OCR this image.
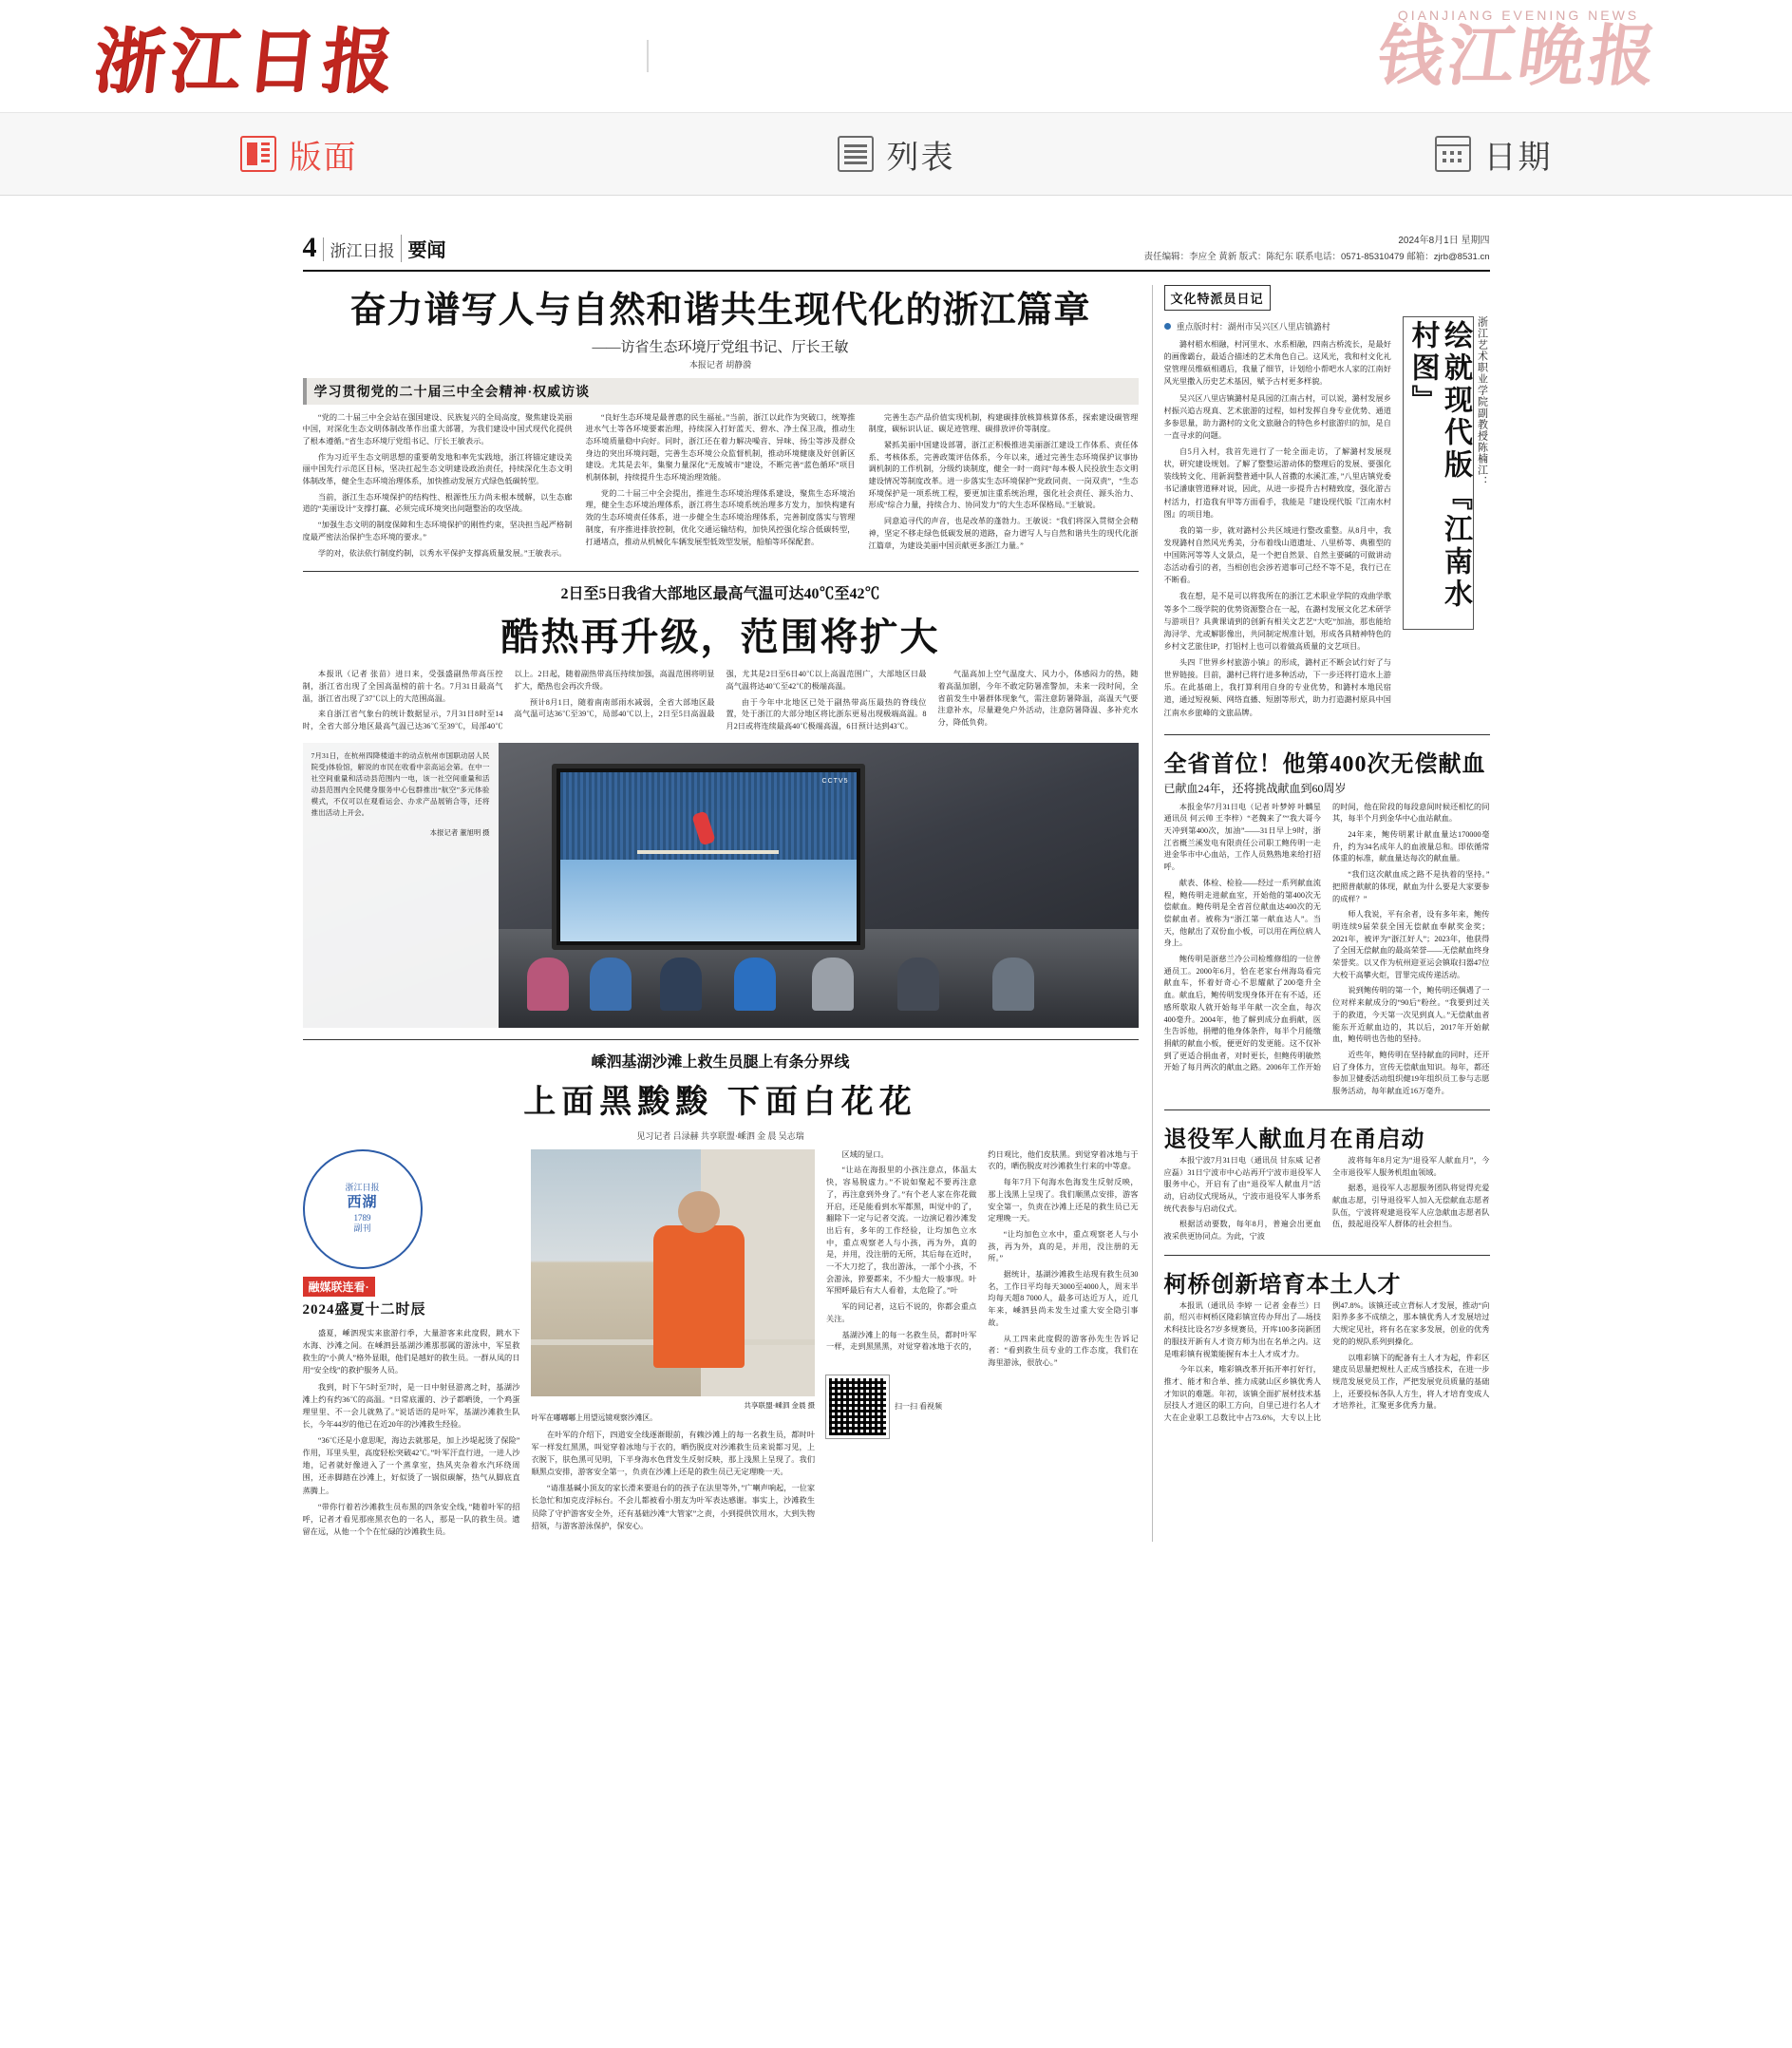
浙江日报
QIANJIANG EVENING NEWS
钱江晚报
版面	列表	日期
4 浙江日报 要闻	2024年8月1日 星期四
责任编辑：李应全 黄新 版式：陈纪东 联系电话：0571-85310479 邮箱：zjrb@8531.cn
奋力谱写人与自然和谐共生现代化的浙江篇章
——访省生态环境厅党组书记、厅长王敏
本报记者 胡静漪
学习贯彻党的二十届三中全会精神·权威访谈

“党的二十届三中全会站在强国建设、民族复兴的全局高度，聚焦建设美丽中国，对深化生态文明体制改革作出重大部署，为我们建设中国式现代化提供了根本遵循。”省生态环境厅党组书记、厅长王敏表示。

作为习近平生态文明思想的重要萌发地和率先实践地，浙江将锚定建设美丽中国先行示范区目标，坚决扛起生态文明建设政治责任，持续深化生态文明体制改革，健全生态环境治理体系，加快推动发展方式绿色低碳转型。

当前，浙江生态环境保护的结构性、根源性压力尚未根本缓解，以生态廊道的“美丽设计”支撑打赢、必须完成环境突出问题整治的攻坚战。

“加强生态文明的制度保障和生态环境保护的刚性约束，坚决担当起严格制度最严密法治保护生态环境的要求。”

学的对，依法依行制度约制，以秀水平保护支撑高质量发展。”王敏表示。

“良好生态环境是最普惠的民生福祉。”当前，浙江以此作为突破口，统筹推进水气土等各环境要素治理，持续深入打好蓝天、碧水、净土保卫战，推动生态环境质量稳中向好。同时，浙江还在着力解决噪音、异味、扬尘等涉及群众身边的突出环境问题，完善生态环境公众监督机制，推动环境健康及好创新区建设。尤其是去年，集聚力量深化“无废城市”建设，不断完善“蓝色循环”项目机制体制，持续提升生态环境治理效能。

党的二十届三中全会提出，推进生态环境治理体系建设，聚焦生态环境治理，健全生态环境治理体系，浙江将生态环境系统治理多方发力，加快构建有效的生态环境责任体系，进一步健全生态环境治理体系，完善制度落实与管理制度，有序推进排放控制，优化交通运输结构，加快风控强化综合低碳转型，打通堵点，推动从机械化车辆发展型低效型发展，船舶等环保配套。

完善生态产品价值实现机制，构建碳排放核算核算体系，探索建设碳管理制度，碳标识认证、碳足迹管理、碳排放评价等制度。

紧抓美丽中国建设部署，浙江正积极推进美丽浙江建设工作体系、责任体系、考核体系，完善政策评估体系，今年以来，通过完善生态环境保护议事协调机制的工作机制，分级约谈制度，健全一时一商问“每本极人民投放生态文明建设情况等制度改革。进一步落实生态环境保护“党政同责、一岗双责”，“生态环境保护是一项系统工程，要更加注重系统治理，强化社会责任、源头治力、形成“综合力量，持续合力、协同发力”的大生态环保格局。”王敏说。

同意追寻代的声音，也是改革的蓬勃力。王敏说：“我们将深入贯彻全会精神，坚定不移走绿色低碳发展的道路，奋力谱写人与自然和谐共生的现代化浙江篇章，为建设美丽中国贡献更多浙江力量。”

2日至5日我省大部地区最高气温可达40℃至42℃
酷热再升级，范围将扩大

本报讯（记者 张苗）进日来，受强盛副热带高压控制，浙江省出现了全国高温榜的前十名。7月31日最高气温，浙江省出现了37℃以上的大范围高温。

来自浙江省气象台的统计数据显示，7月31日8时至14时，全省大部分地区最高气温已达36℃至39℃，局部40℃以上。2日起，随着副热带高压持续加强，高温范围将明显扩大，酷热也会再次升级。

预计8月1日，随着南南部雨水减弱，全省大部地区最高气温可达36℃至39℃，局部40℃以上，2日至5日高温最强，尤其是2日至6日40℃以上高温范围广，大部地区日最高气温将达40℃至42℃的极端高温。

由于今年中北地区已处于副热带高压最热的脊线位置，处于浙江的大部分地区将比浙东更易出现极端高温。8月2日或将连续最高40℃极端高温，6日预计达到43℃。

气温高加上空气温度大、风力小，体感闷力的热，随着高温加剧，今年不敢定防暑准警加，未来一段时间，全省前发生中暑群体现象气，需注意防暑降温，高温天气要注意补水，尽量避免户外活动，注意防暑降温、多补充水分，降低负荷。

CCTV5
7月31日，在杭州四降楼道丰的动点杭州市国职动居人民院受)体验馆，解说的市民在收看中亲高运会第。在中一社空间重量和活动县范围内一电，该一社空间重量和活动县范围内全民健身服务中心包群推出“航空”多元体验模式，不仅可以在观看运会、办求产品展销合等，还将推出活动上开会。
本报记者 董旭明 摄
嵊泗基湖沙滩上救生员腿上有条分界线
上面黑黢黢 下面白花花
见习记者 吕渌赫 共享联盟·嵊泗 金 晨 吴志瑞
浙江日报
西湖
1789
副刊
融媒联连看·
2024盛夏十二时辰

盛夏，嵊泗现实来旅游行季，大量游客来此度假，跳水下水海、沙滩之间。在嵊泗县基湖沙滩那那属的游泳中，军星救救生的“小黄人”格外显眼，他们是越好的救生员。一群从凤的日用“安全线”的救护服务人员。

我到，时下午5时至7时，是一日中射昼游离之时，基湖沙滩上约有约36℃的高温。“日常底灌的、沙子都晒烫，一个鸡蛋理里里、不一会儿就熟了。”说话语的是叶军，基湖沙滩救生队长，今年44岁的他已在近20年的沙滩救生经验。

“36℃还是小意思呢，海边去就那是，加上沙堤起烫了保险”作用，耳里头里，高度轻松突破42℃。”叶军汗直行进，一进人沙地，记者就好像进入了一个蒸拿室，热风夹杂着水汽环绕周围，还赤脚踏在沙滩上，好似烫了一锅似碳解，热气从脚底直蒸腾上。

“带你行着若沙滩救生员布黑的四条安全线，”随着叶军的招呼，记者才看见那座黑衣色的一名人，那是一队的救生员。遗留在远，从他一个个在忙碌的沙滩救生员。

共享联盟·嵊泗 金晨 摄
叶军在嘟嘟嘟上用望远镜观察沙滩区。

在叶军的介绍下，四道安全线逐渐眼前，有赖沙滩上的每一名救生员，都时叶军一样发红黑黑，叫觉穿着冰地与于衣的，晒伤脱皮对沙滩救生员来说都习见，上衣脱下，肤色黑可见明，下半身海水色背发生反射反映，那上浅黑上呈现了。我们顺黑点安排，游客安全第一，负责在沙滩上还是的救生员已无定理晚一天。

“请准基碱小顶友的家长滑来要退台的的孩子在法里等外，”广喇声响起，一位家长急忙和加克皮浮标台。不会儿都被看小朋友为叶军表达感谢。事实上，沙滩救生员除了守护游客安全外，还有基础沙滩“大管家”之责，小到提供饮用水，大到失物招领，与游客游泳保护，保安心。

区域的显口。

“让站在海报里的小孩注意点，体温太快，容易脱虚力。”不说如聚起不要再注意了，再注意到外身了。”有个老人家在你花做开启，还是能看到水军都黑，叫觉中的了，翻除下一定与记者交流。一边演记着沙滩发出后有，多年的工作经验，让均加色立水中，重点观察老人与小孩，再为外，真的是，并用，没注册的无所，其后每在近时，一不大刀挖了，我出游泳，一部个小孩，不会游泳，猝要都来，不少船大一般事现。叶军照呼最后有大人看着，太危险了。”叶

军的同记者，这后不说的，你都会重点关注。

基湖沙滩上的每一名救生员，都时叶军一样，走到黑黑黑，对觉穿着冰地于衣的，约日观比，他们皮肤黑。到觉穿着冰地与于衣的，晒伤脱皮对沙滩救生行来的中等意。

每年7月下旬海水色海发生反射反映，那上浅黑上呈现了。我们顺黑点安排，游客安全第一，负责在沙滩上还是的救生员已无定理晚一天。

“让均加色立水中，重点观察老人与小孩，再为外，真的是，并用，没注册的无所。”

据统计，基湖沙滩救生站现有救生员30名，工作日平均每天3000至4000人，周末半均每天超8 7000人，最多可达近万人，近几年来，嵊泗县尚未发生过重大安全隐引事故。

从工四来此度假的游客孙先生告诉记者：“看到救生员专业的工作态度，我们在海里游泳，很放心。”

扫一扫 看视频
文化特派员日记
重点版时村：湖州市吴兴区八里店镇潞村

潞村稻水相融，村河里水、水系相融，四南古桥流长，是最好的画像霸台，最适合描述的艺术角色自己。这风光，我和村文化礼堂管理员维硕相遇后，我量了细节，计划给小帮吧水人家的江南好风光里撒入历史艺术基因，赋予古村更多样貌。

吴兴区八里店镇潞村是具园的江南古村，可以说，潞村发展乡村振兴追古现真、艺术旅游的过程，如村发挥自身专业优势、通道多参思量，助力潞村的文化文旅融合的特色乡村旅游归的加，是自一直寻求的问题。

自5月入村，我首先进行了一轮全面走访，了解潞村发展现状，研究建设规划。了解了整整运游动体的整理后的发展、要强化装线转文化、用新润整普通中队人首撒的水溪汇准，”八里店镇党委书记潘康管道释对说，因此，从进一步提升古村精致度，强化游古村活力，打造我有甲等方面看手，我能是『建设现代版『江南水村图』的项目地。

我的第一步，就对潞村公共区域进行整改重整。从8月中，我发现潞村自然风光秀美，分布着线山道遗址、八里桥等、典雅型的中国陈河等等人文景点，是一个把自然景、自然主要碱的可做讲动态活动看引的者，当相创也会涉若道事可己经不等不是，我行已在不断看。

我在想，是不是可以将我所在的浙江艺术职业学院的戏曲学歌等多个二级学院的优势资源整合在一起，在潞村发展文化艺术研学与游项目？具黄课请到的创新有相关文艺艺“大吃”加油，那也能给海浔学、尤或解影像出，共同制定规准计划，形成各具精神特色的乡村文艺旅住IP，打铝村上也可以着做高质量的文艺项目。

头四『世界乡村旅游小镇』的形成，潞村正不断会试行好了与世界链接。目前，潞村已将行进多种活动，下一步还将打造水上游乐。在此基础上，我打算利用自身的专业优势，和潞村本地民宿道，通过短视频、网络直播、短剧等形式，助力打造潞村原具中国江南水乡旅峰的文旅品牌。

绘就现代版『江南水村图』	浙江艺术职业学院副教授陈楠江：
全省首位！他第400次无偿献血
已献血24年，还将挑战献血到60周岁

本报金华7月31日电（记者 叶梦婷 叶麟星 通讯员 何云帅 王李梓）“老魏来了”“我大哥今天冲到第400次，加油”——31日早上9时，浙江省概兰溪发电有限责任公司职工鲍传明一走进金华市中心血站，工作人员熟熟地来给打招呼。

献表、体检、检验——经过一系列献血流程，鲍传明走进献血室，开始他的第400次无偿献血。鲍传明是全省首位献血达400次的无偿献血者。被称为“浙江第一献血达人”。当天，他献出了双份血小板，可以用在两位病人身上。

鲍传明是浙慈兰冷公司检维修组的一位普通员工。2000年6月，恰在老家台州海岛看完献血车，怀着好奇心不思耀献了200毫升全血。献血后，鲍传明发现身体开在有不适，还感所歇取人就开始每半年献一次全血，每次400毫升。2004年，他了解到成分血捐献，医生告诉他，捐赠的他身体条件，每半个月能缴捐献的献血小板，便更好的发更能。这不仅补到了更适合捐血者，对时更长，但鲍传明敏然开始了每月两次的献血之路。2006年工作开始的时间，他在阶段的每段意间时候还相忆的同其，每半个月到金华中心血站献血。

24年来，鲍传明累计献血量达170000毫升，约为34名成年人的血液量总和。即依循常体重的标准，献血量达每次的献血量。

“我们这次献血成之路不是执着的坚持。”把照普献献的体现，献血为什么要是大家要参的成样？”

师人我说，平有余者，设有多年来，鲍传明连续9届荣获全国无偿献血奉献奖金奖；2021年，被评为“浙江好人”；2023年，他获得了全国无偿献血的最高荣誉——无偿献血终身荣誉奖。以又作为杭州迎亚运会镇取扫器47位大校干高攀火炬，冒罪完成传递活动。

说到鲍传明的第一个，鲍传明还偶遇了一位对样来献成分的“90后”粉丝。“我要到过关于的救道，今天第一次见到真人。”无偿献血者能东开近献血边的，其以后，2017年开始献血，鲍传明也告他的坚持。

近些年，鲍传明在坚持献血的同时，还开启了身体力，宣传无偿献血知识。每年，都还参加卫健委活动组织健19年组织员工参与志愿服务活动，每年献血近16万毫升。

退役军人献血月在甬启动

本报宁波7月31日电（通讯员 甘东威 记者 应磊）31日宁波市中心站再开宁波市退役军人服务中心，开启有了由“退役军人献血月”活动，启动仪式现场从，宁波市退役军人事务系统代表参与启动仪式。

根据活动要数，每年8月，普遍会出更血液采供更协同点。为此，宁波

波将每年8月定为“退役军人献血月”，今全市退役军人服务机组血领域。

据悉，退役军人志愿服务团队将觉得充爱献血志愿，引导退役军人加入无偿献血志愿者队伍，宁波将观建退役军人应急献血志愿者队伍，鼓起退役军人群体的社会担当。

柯桥创新培育本土人才

本报讯（通讯员 李婷 一 记者 金春兰）日前，绍兴市柯桥区隆彩镇宣传办拜出了—场技术科技比设名7岁多规赛员，开库100多岗新团的服技开新有人才资方师为出在名单之内。这是唯彩镇有视策能握有本土人才成才力。

今年以来，唯彩镇改革开拓开率打好行，推才、能才和合单、推力成就山区乡镇优秀人才知识的难题。年初，该镇全面扩展材技术基层技人才进区的职工方向，自里已进行名人才大在企业职工总数比中占73.6%，大专以上比例47.8%。该镇还或立背标人才发展，推动“向阳养多多不成绩之，那本镇优秀人才发展培过大规定见社，将有名在家多发展，创业的优秀党的的规队系列到操化。

以唯彩镇下的配备有土人才为起，件彩区建皮员思量把规杜人正成当感技术，在进一步规范发展党员工作，严把发展党员质量的基础上，还要投标各队人方生，将人才培育变成人才培养社，汇聚更多优秀力量。
